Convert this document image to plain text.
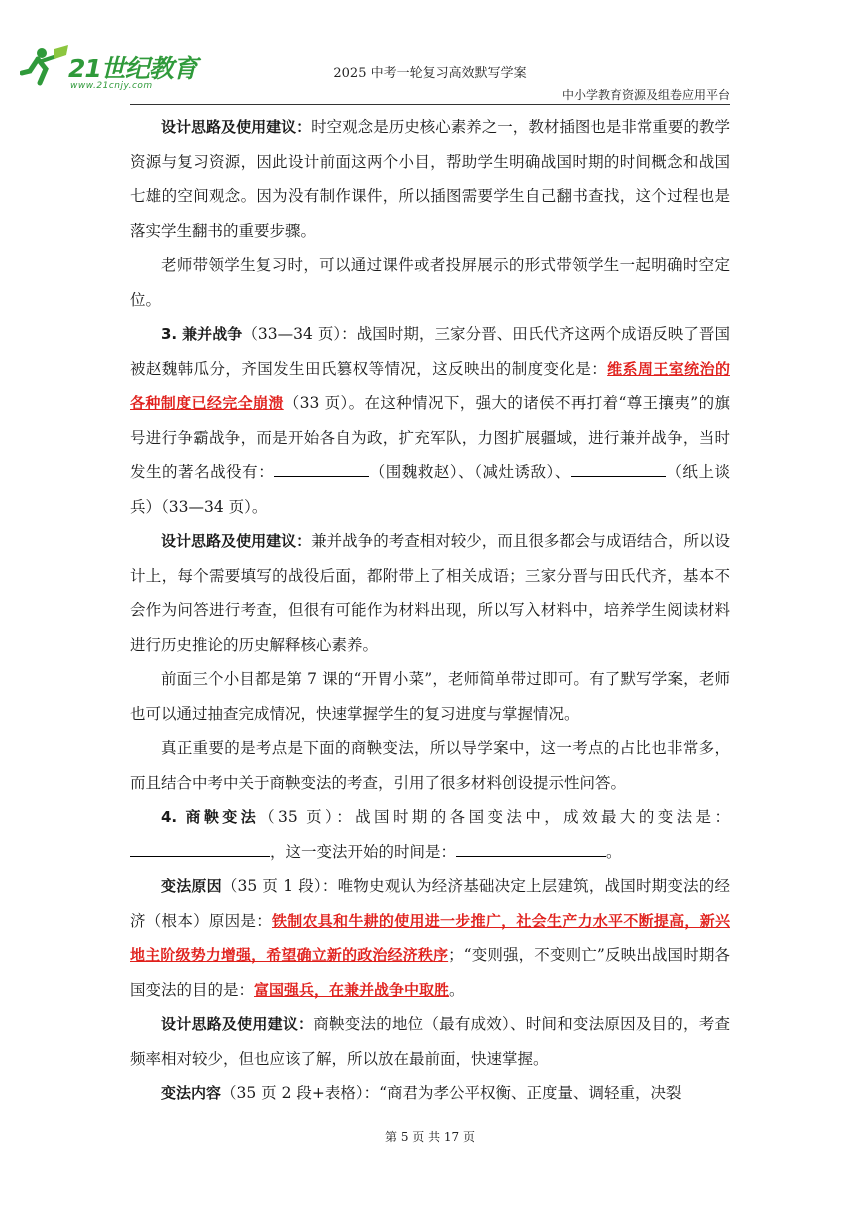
21世纪教育
www.21cnjy.com
2025 中考一轮复习高效默写学案
中小学教育资源及组卷应用平台

设计思路及使用建议：时空观念是历史核心素养之一，教材插图也是非常重要的教学资源与复习资源，因此设计前面这两个小目，帮助学生明确战国时期的时间概念和战国七雄的空间观念。因为没有制作课件，所以插图需要学生自己翻书查找，这个过程也是落实学生翻书的重要步骤。

老师带领学生复习时，可以通过课件或者投屏展示的形式带领学生一起明确时空定位。

3. 兼并战争（33—34 页）：战国时期，三家分晋、田氏代齐这两个成语反映了晋国被赵魏韩瓜分，齐国发生田氏篡权等情况，这反映出的制度变化是：维系周王室统治的各种制度已经完全崩溃（33 页）。在这种情况下，强大的诸侯不再打着“尊王攘夷”的旗号进行争霸战争，而是开始各自为政，扩充军队，力图扩展疆域，进行兼并战争，当时发生的著名战役有：	（围魏救赵）、（减灶诱敌）、	（纸上谈兵）（33—34 页）。

设计思路及使用建议：兼并战争的考查相对较少，而且很多都会与成语结合，所以设计上，每个需要填写的战役后面，都附带上了相关成语；三家分晋与田氏代齐，基本不会作为问答进行考查，但很有可能作为材料出现，所以写入材料中，培养学生阅读材料进行历史推论的历史解释核心素养。

前面三个小目都是第 7 课的“开胃小菜”，老师简单带过即可。有了默写学案，老师也可以通过抽查完成情况，快速掌握学生的复习进度与掌握情况。

真正重要的是考点是下面的商鞅变法，所以导学案中，这一考点的占比也非常多，而且结合中考中关于商鞅变法的考查，引用了很多材料创设提示性问答。

4. 商鞅变法（35 页）：战国时期的各国变法中，成效最大的变法是：，这一变法开始的时间是：	。

变法原因（35 页 1 段）：唯物史观认为经济基础决定上层建筑，战国时期变法的经济（根本）原因是：铁制农具和牛耕的使用进一步推广，社会生产力水平不断提高，新兴地主阶级势力增强，希望确立新的政治经济秩序；“变则强，不变则亡”反映出战国时期各国变法的目的是：富国强兵，在兼并战争中取胜。

设计思路及使用建议：商鞅变法的地位（最有成效）、时间和变法原因及目的，考查频率相对较少，但也应该了解，所以放在最前面，快速掌握。

变法内容（35 页 2 段+表格）：“商君为孝公平权衡、正度量、调轻重，决裂

第 5 页 共 17 页
